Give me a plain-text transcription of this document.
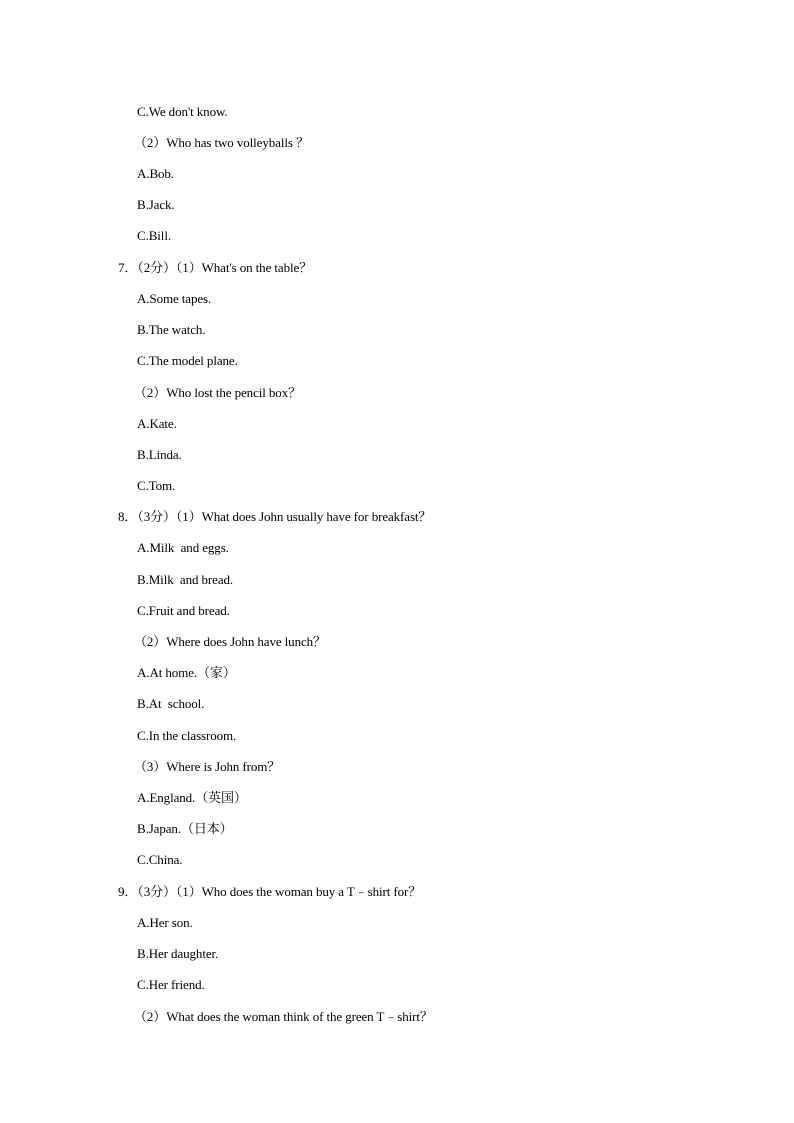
C.We don't know.
（2）Who has two volleyballs ？
A.Bob.
B.Jack.
C.Bill.
7．（2分）（1）What's on the table？
A.Some tapes.
B.The watch.
C.The model plane.
（2）Who lost the pencil box？
A.Kate.
B.Linda.
C.Tom.
8．（3分）（1）What does John usually have for breakfast？
A.Milk  and eggs.
B.Milk  and bread.
C.Fruit and bread.
（2）Where does John have lunch？
A.At home.（家）
B.At  school.
C.In the classroom.
（3）Where is John from？
A.England.（英国）
B.Japan.（日本）
C.China.
9．（3分）（1）Who does the woman buy a T﹣shirt for？
A.Her son.
B.Her daughter.
C.Her friend.
（2）What does the woman think of the green T﹣shirt？
